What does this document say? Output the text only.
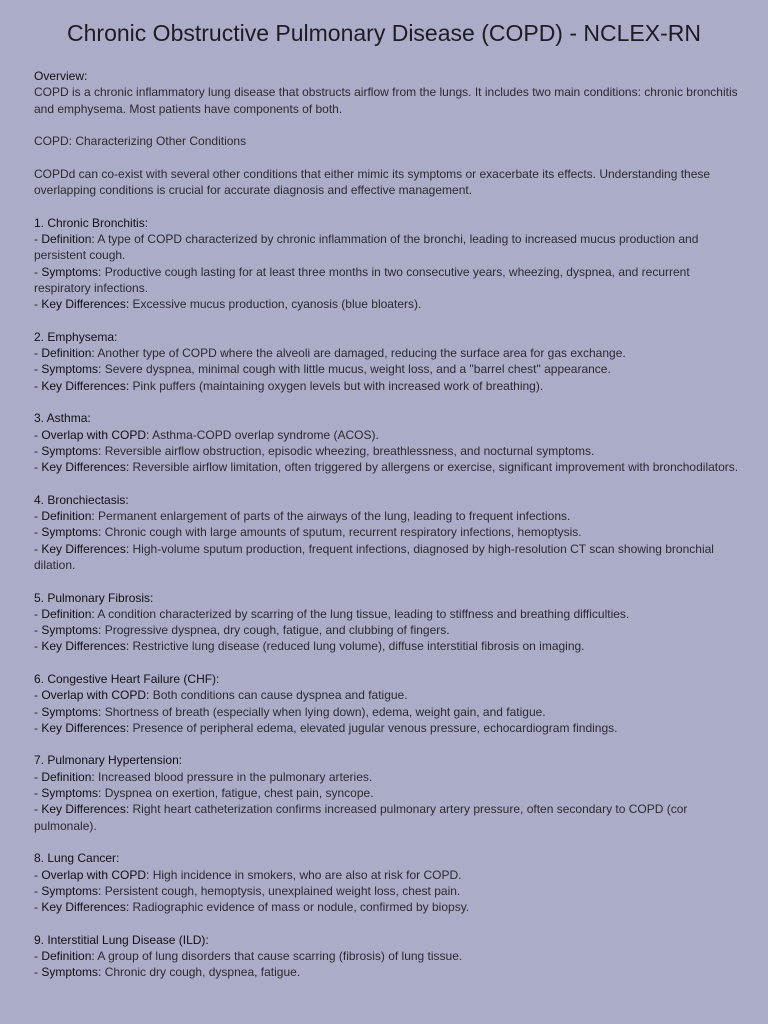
Chronic Obstructive Pulmonary Disease (COPD) - NCLEX-RN
Overview:
COPD is a chronic inflammatory lung disease that obstructs airflow from the lungs. It includes two main conditions: chronic bronchitis and emphysema. Most patients have components of both.
COPD: Characterizing Other Conditions
COPDd can co-exist with several other conditions that either mimic its symptoms or exacerbate its effects. Understanding these overlapping conditions is crucial for accurate diagnosis and effective management.
1. Chronic Bronchitis:
- Definition: A type of COPD characterized by chronic inflammation of the bronchi, leading to increased mucus production and persistent cough.
- Symptoms: Productive cough lasting for at least three months in two consecutive years, wheezing, dyspnea, and recurrent respiratory infections.
- Key Differences: Excessive mucus production, cyanosis (blue bloaters).
2. Emphysema:
- Definition: Another type of COPD where the alveoli are damaged, reducing the surface area for gas exchange.
- Symptoms: Severe dyspnea, minimal cough with little mucus, weight loss, and a "barrel chest" appearance.
- Key Differences: Pink puffers (maintaining oxygen levels but with increased work of breathing).
3. Asthma:
- Overlap with COPD: Asthma-COPD overlap syndrome (ACOS).
- Symptoms: Reversible airflow obstruction, episodic wheezing, breathlessness, and nocturnal symptoms.
- Key Differences: Reversible airflow limitation, often triggered by allergens or exercise, significant improvement with bronchodilators.
4. Bronchiectasis:
- Definition: Permanent enlargement of parts of the airways of the lung, leading to frequent infections.
- Symptoms: Chronic cough with large amounts of sputum, recurrent respiratory infections, hemoptysis.
- Key Differences: High-volume sputum production, frequent infections, diagnosed by high-resolution CT scan showing bronchial dilation.
5. Pulmonary Fibrosis:
- Definition: A condition characterized by scarring of the lung tissue, leading to stiffness and breathing difficulties.
- Symptoms: Progressive dyspnea, dry cough, fatigue, and clubbing of fingers.
- Key Differences: Restrictive lung disease (reduced lung volume), diffuse interstitial fibrosis on imaging.
6. Congestive Heart Failure (CHF):
- Overlap with COPD: Both conditions can cause dyspnea and fatigue.
- Symptoms: Shortness of breath (especially when lying down), edema, weight gain, and fatigue.
- Key Differences: Presence of peripheral edema, elevated jugular venous pressure, echocardiogram findings.
7. Pulmonary Hypertension:
- Definition: Increased blood pressure in the pulmonary arteries.
- Symptoms: Dyspnea on exertion, fatigue, chest pain, syncope.
- Key Differences: Right heart catheterization confirms increased pulmonary artery pressure, often secondary to COPD (cor pulmonale).
8. Lung Cancer:
- Overlap with COPD: High incidence in smokers, who are also at risk for COPD.
- Symptoms: Persistent cough, hemoptysis, unexplained weight loss, chest pain.
- Key Differences: Radiographic evidence of mass or nodule, confirmed by biopsy.
9. Interstitial Lung Disease (ILD):
- Definition: A group of lung disorders that cause scarring (fibrosis) of lung tissue.
- Symptoms: Chronic dry cough, dyspnea, fatigue.
